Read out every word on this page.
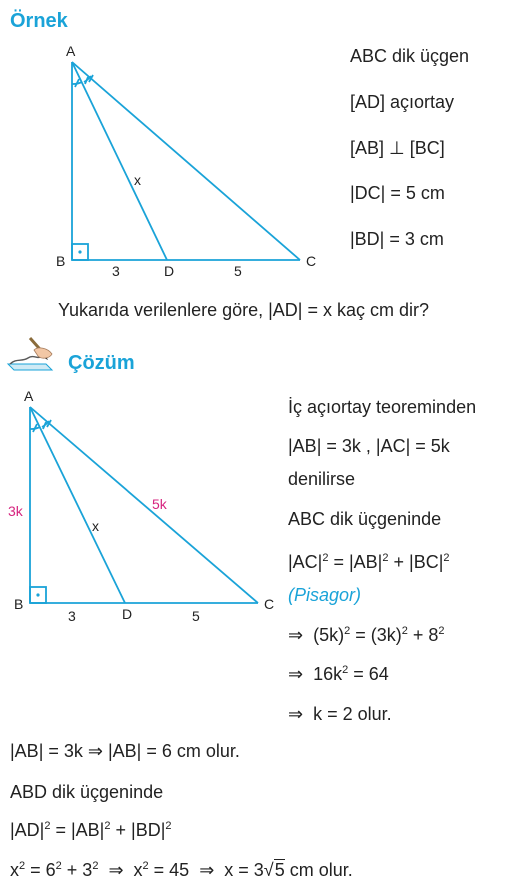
Örnek
A
B	C
D
x
3	5
ABC dik üçgen
[AD] açıortay
[AB] ⊥ [BC]
|DC| = 5 cm
|BD| = 3 cm
Yukarıda verilenlere göre, |AD| = x kaç cm dir?
Çözüm
A
B	C
D
x
3	5
3k	5k
İç açıortay teoreminden
|AB| = 3k , |AC| = 5k
denilirse
ABC dik üçgeninde
$|AC|^2 = |AB|^2 + |BC|^2$
(Pisagor)
⇒  $(5k)^2 = (3k)^2 + 8^2$
⇒  $16k^2 = 64$
⇒ k = 2 olur.
|AB| = 3k ⇒ |AB| = 6 cm olur.
ABD dik üçgeninde
$|AD|^2 = |AB|^2 + |BD|^2$
$x^2 = 6^2 + 3^2$  ⇒  $x^2 = 45$  ⇒  x = 3√5 cm olur.
